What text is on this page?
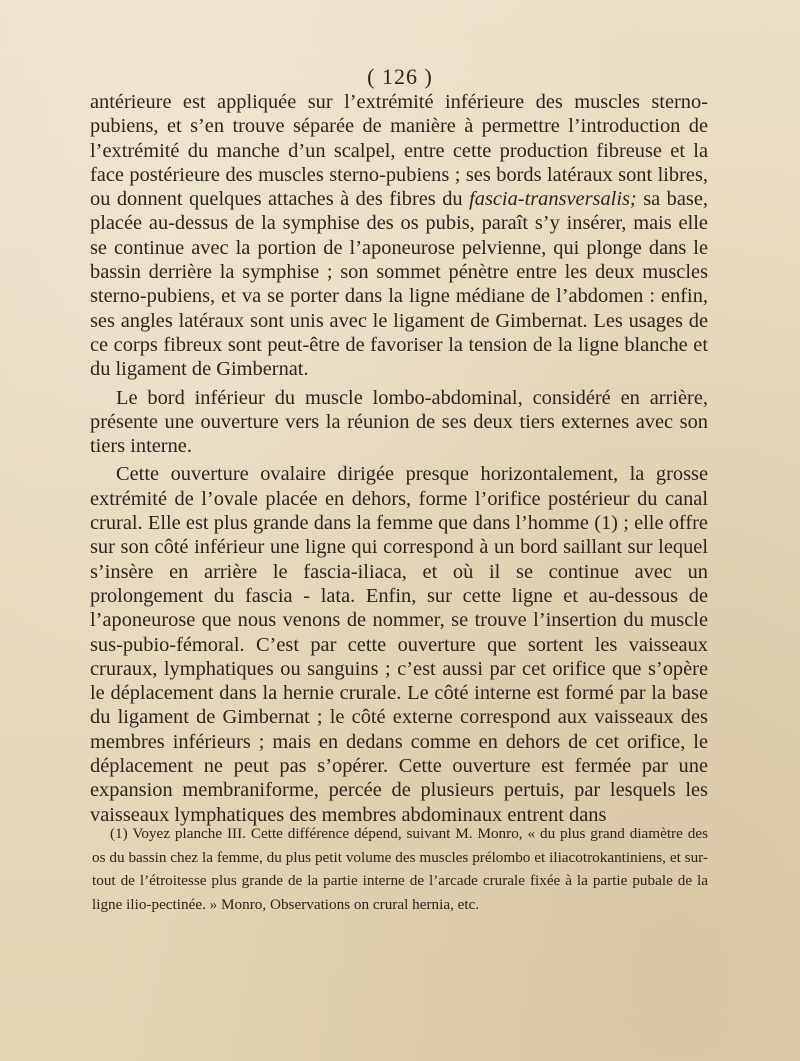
( 126 )

antérieure est appliquée sur l’extrémité inférieure des muscles sterno-pubiens, et s’en trouve séparée de manière à permettre l’introduction de l’extrémité du manche d’un scalpel, entre cette production fibreuse et la face postérieure des muscles sterno-pubiens ; ses bords latéraux sont libres, ou donnent quelques attaches à des fibres du fascia-transversalis; sa base, placée au-dessus de la symphise des os pubis, paraît s’y insérer, mais elle se continue avec la portion de l’aponeurose pelvienne, qui plonge dans le bassin derrière la symphise ; son sommet pénètre entre les deux muscles sterno-pubiens, et va se porter dans la ligne médiane de l’abdomen : enfin, ses angles latéraux sont unis avec le ligament de Gimbernat. Les usages de ce corps fibreux sont peut-être de favoriser la tension de la ligne blanche et du ligament de Gimbernat.

Le bord inférieur du muscle lombo-abdominal, considéré en arrière, présente une ouverture vers la réunion de ses deux tiers externes avec son tiers interne.

Cette ouverture ovalaire dirigée presque horizontalement, la grosse extrémité de l’ovale placée en dehors, forme l’orifice postérieur du canal crural. Elle est plus grande dans la femme que dans l’homme (1) ; elle offre sur son côté inférieur une ligne qui correspond à un bord saillant sur lequel s’insère en arrière le fascia-iliaca, et où il se continue avec un prolongement du fascia - lata. Enfin, sur cette ligne et au-dessous de l’aponeurose que nous venons de nommer, se trouve l’insertion du muscle sus-pubio-fémoral. C’est par cette ouverture que sortent les vaisseaux cruraux, lymphatiques ou sanguins ; c’est aussi par cet orifice que s’opère le déplacement dans la hernie crurale. Le côté interne est formé par la base du ligament de Gimbernat ; le côté externe correspond aux vaisseaux des membres inférieurs ; mais en dedans comme en dehors de cet orifice, le déplacement ne peut pas s’opérer. Cette ouverture est fermée par une expansion membraniforme, percée de plusieurs pertuis, par lesquels les vaisseaux lymphatiques des membres abdominaux entrent dans

(1) Voyez planche III. Cette différence dépend, suivant M. Monro, « du plus grand diamètre des os du bassin chez la femme, du plus petit volume des muscles prélombo et iliacotrokantiniens, et sur-tout de l’étroitesse plus grande de la partie interne de l’arcade crurale fixée à la partie pubale de la ligne ilio-pectinée. » Monro, Observations on crural hernia, etc.
